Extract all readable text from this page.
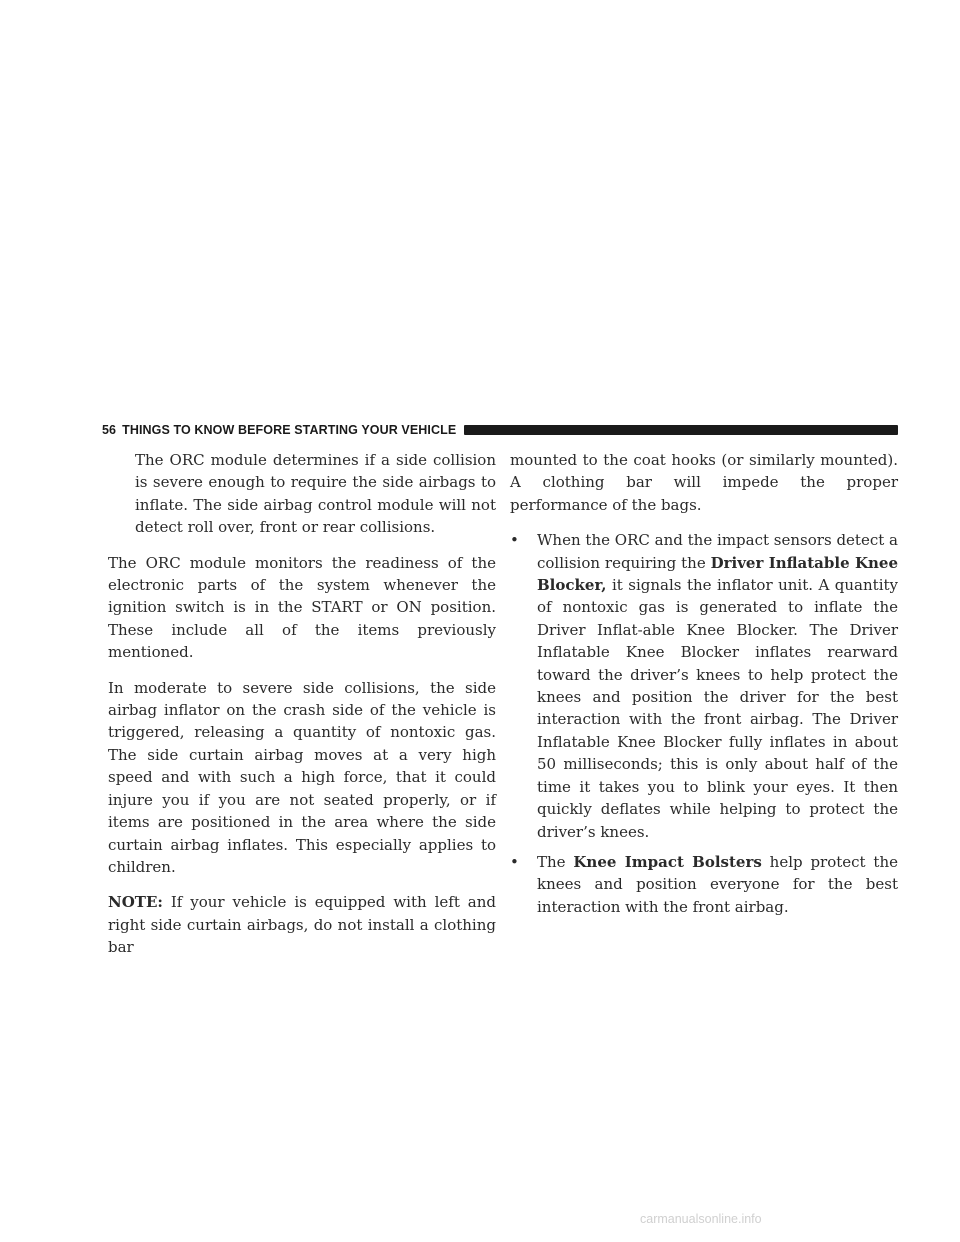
56 THINGS TO KNOW BEFORE STARTING YOUR VEHICLE

The ORC module determines if a side collision is severe enough to require the side airbags to inflate. The side airbag control module will not detect roll over, front or rear collisions.

The ORC module monitors the readiness of the electronic parts of the system whenever the ignition switch is in the START or ON position. These include all of the items previously mentioned.

In moderate to severe side collisions, the side airbag inflator on the crash side of the vehicle is triggered, releasing a quantity of nontoxic gas. The side curtain airbag moves at a very high speed and with such a high force, that it could injure you if you are not seated properly, or if items are positioned in the area where the side curtain airbag inflates. This especially applies to children.

NOTE: If your vehicle is equipped with left and right side curtain airbags, do not install a clothing bar

mounted to the coat hooks (or similarly mounted). A clothing bar will impede the proper performance of the bags.

•	When the ORC and the impact sensors detect a collision requiring the Driver Inflatable Knee Blocker, it signals the inflator unit. A quantity of nontoxic gas is generated to inflate the Driver Inflat-able Knee Blocker. The Driver Inflatable Knee Blocker inflates rearward toward the driver’s knees to help protect the knees and position the driver for the best interaction with the front airbag. The Driver Inflatable Knee Blocker fully inflates in about 50 milliseconds; this is only about half of the time it takes you to blink your eyes. It then quickly deflates while helping to protect the driver’s knees.

•	The Knee Impact Bolsters help protect the knees and position everyone for the best interaction with the front airbag.

carmanualsonline.info
